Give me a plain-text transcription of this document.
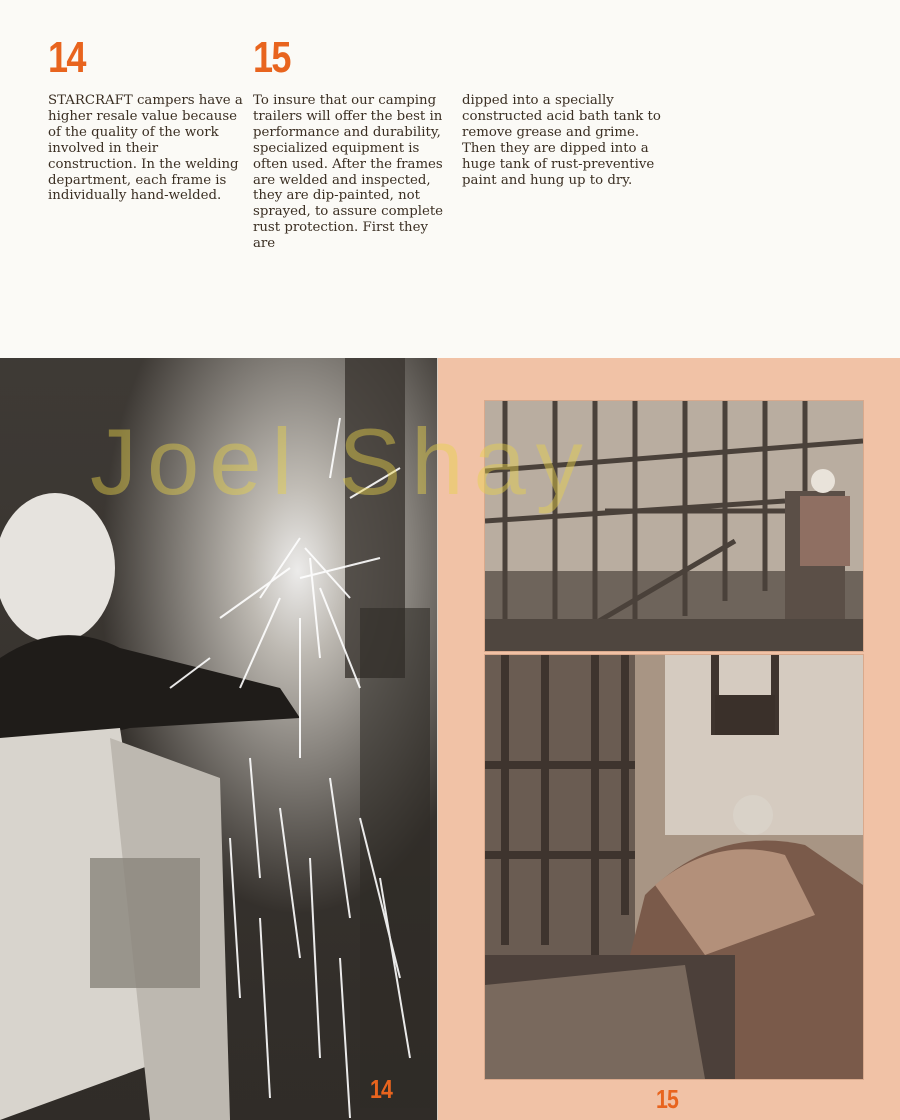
14	15

STARCRAFT campers have a higher resale value because of the quality of the work involved in their construction. In the welding department, each frame is individually hand-welded.

To insure that our camping trailers will offer the best in performance and durability, specialized equipment is often used. After the frames are welded and inspected, they are dip-painted, not sprayed, to assure complete rust protection. First they are

dipped into a specially constructed acid bath tank to remove grease and grime. Then they are dipped into a huge tank of rust-preventive paint and hung up to dry.

14	15
Joel Shay
